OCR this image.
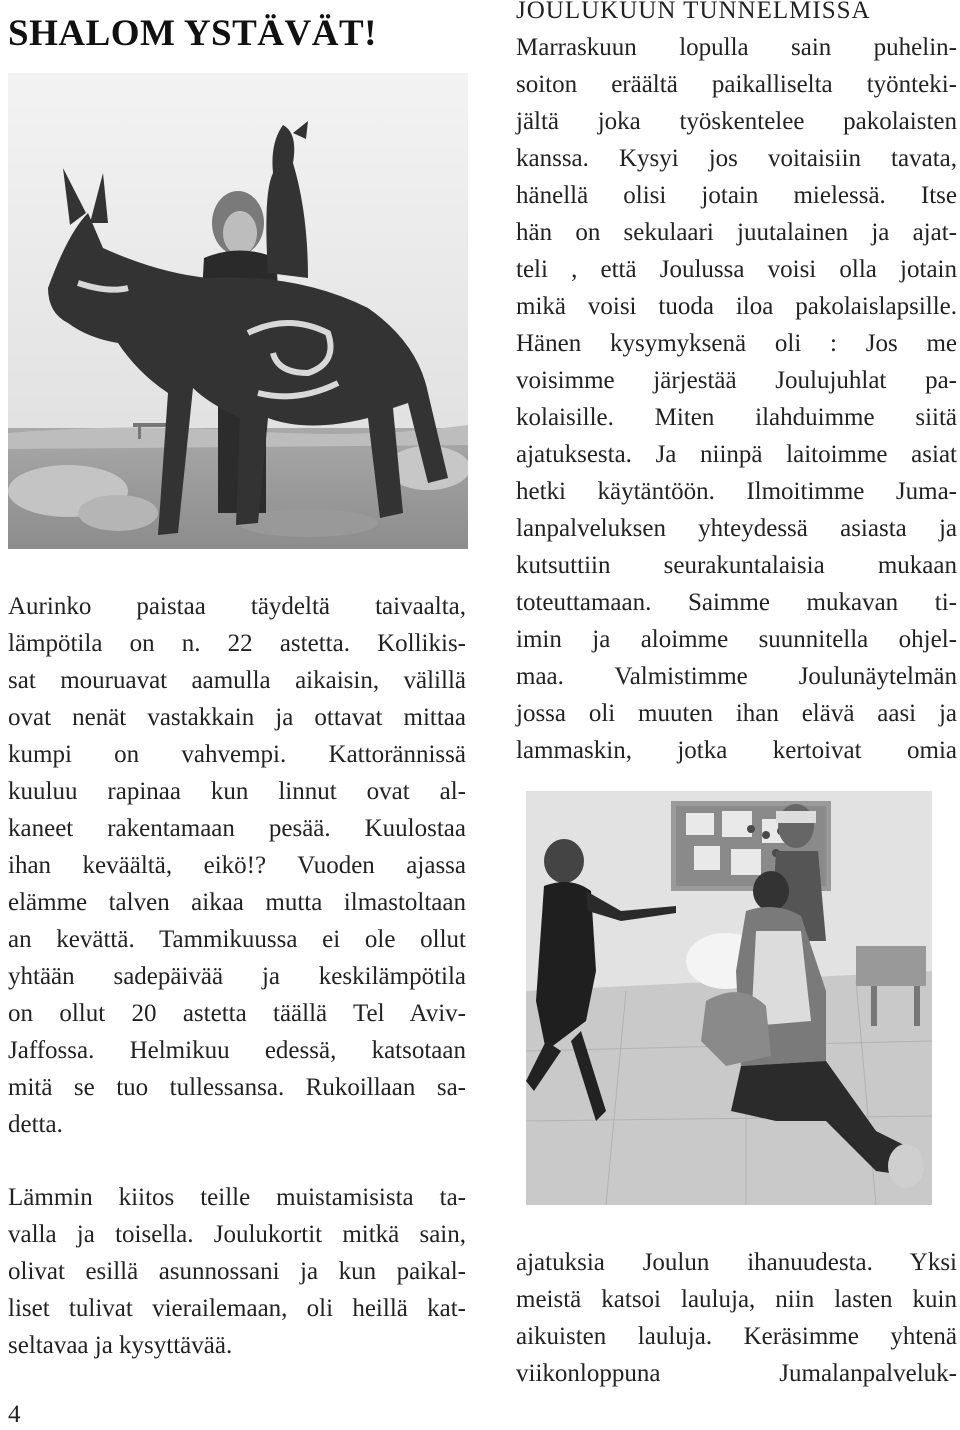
SHALOM YSTÄVÄT!
JOULUKUUN TUNNELMISSA

Marraskuun lopulla sain puhelin-

soiton eräältä paikalliselta työnteki-

jältä joka työskentelee pakolaisten

kanssa. Kysyi jos voitaisiin tavata,

hänellä olisi jotain mielessä. Itse

hän on sekulaari juutalainen ja ajat-

teli , että Joulussa voisi olla jotain

mikä voisi tuoda iloa pakolaislapsille.

Hänen kysymyksenä oli : Jos me

voisimme järjestää Joulujuhlat pa-

kolaisille. Miten ilahduimme siitä

ajatuksesta. Ja niinpä laitoimme asiat

hetki käytäntöön. Ilmoitimme Juma-

lanpalveluksen yhteydessä asiasta ja

kutsuttiin seurakuntalaisia mukaan

toteuttamaan. Saimme mukavan ti-

imin ja aloimme suunnitella ohjel-

maa. Valmistimme Joulunäytelmän

jossa oli muuten ihan elävä aasi ja

lammaskin, jotka kertoivat omia

Aurinko paistaa täydeltä taivaalta,

lämpötila on n. 22 astetta. Kollikis-

sat mouruavat aamulla aikaisin, välillä

ovat nenät vastakkain ja ottavat mittaa

kumpi on vahvempi. Kattorännissä

kuuluu rapinaa kun linnut ovat al-

kaneet rakentamaan pesää. Kuulostaa

ihan keväältä, eikö!? Vuoden ajassa

elämme talven aikaa mutta ilmastoltaan

an kevättä. Tammikuussa ei ole ollut

yhtään sadepäivää ja keskilämpötila

on ollut 20 astetta täällä Tel Aviv-

Jaffossa. Helmikuu edessä, katsotaan

mitä se tuo tullessansa. Rukoillaan sa-

detta.

Lämmin kiitos teille muistamisista ta-

valla ja toisella. Joulukortit mitkä sain,

olivat esillä asunnossani ja kun paikal-

liset tulivat vierailemaan, oli heillä kat-

seltavaa ja kysyttävää.

ajatuksia Joulun ihanuudesta. Yksi

meistä katsoi lauluja, niin lasten kuin

aikuisten lauluja. Keräsimme yhtenä

viikonloppuna Jumalanpalveluk-

4
